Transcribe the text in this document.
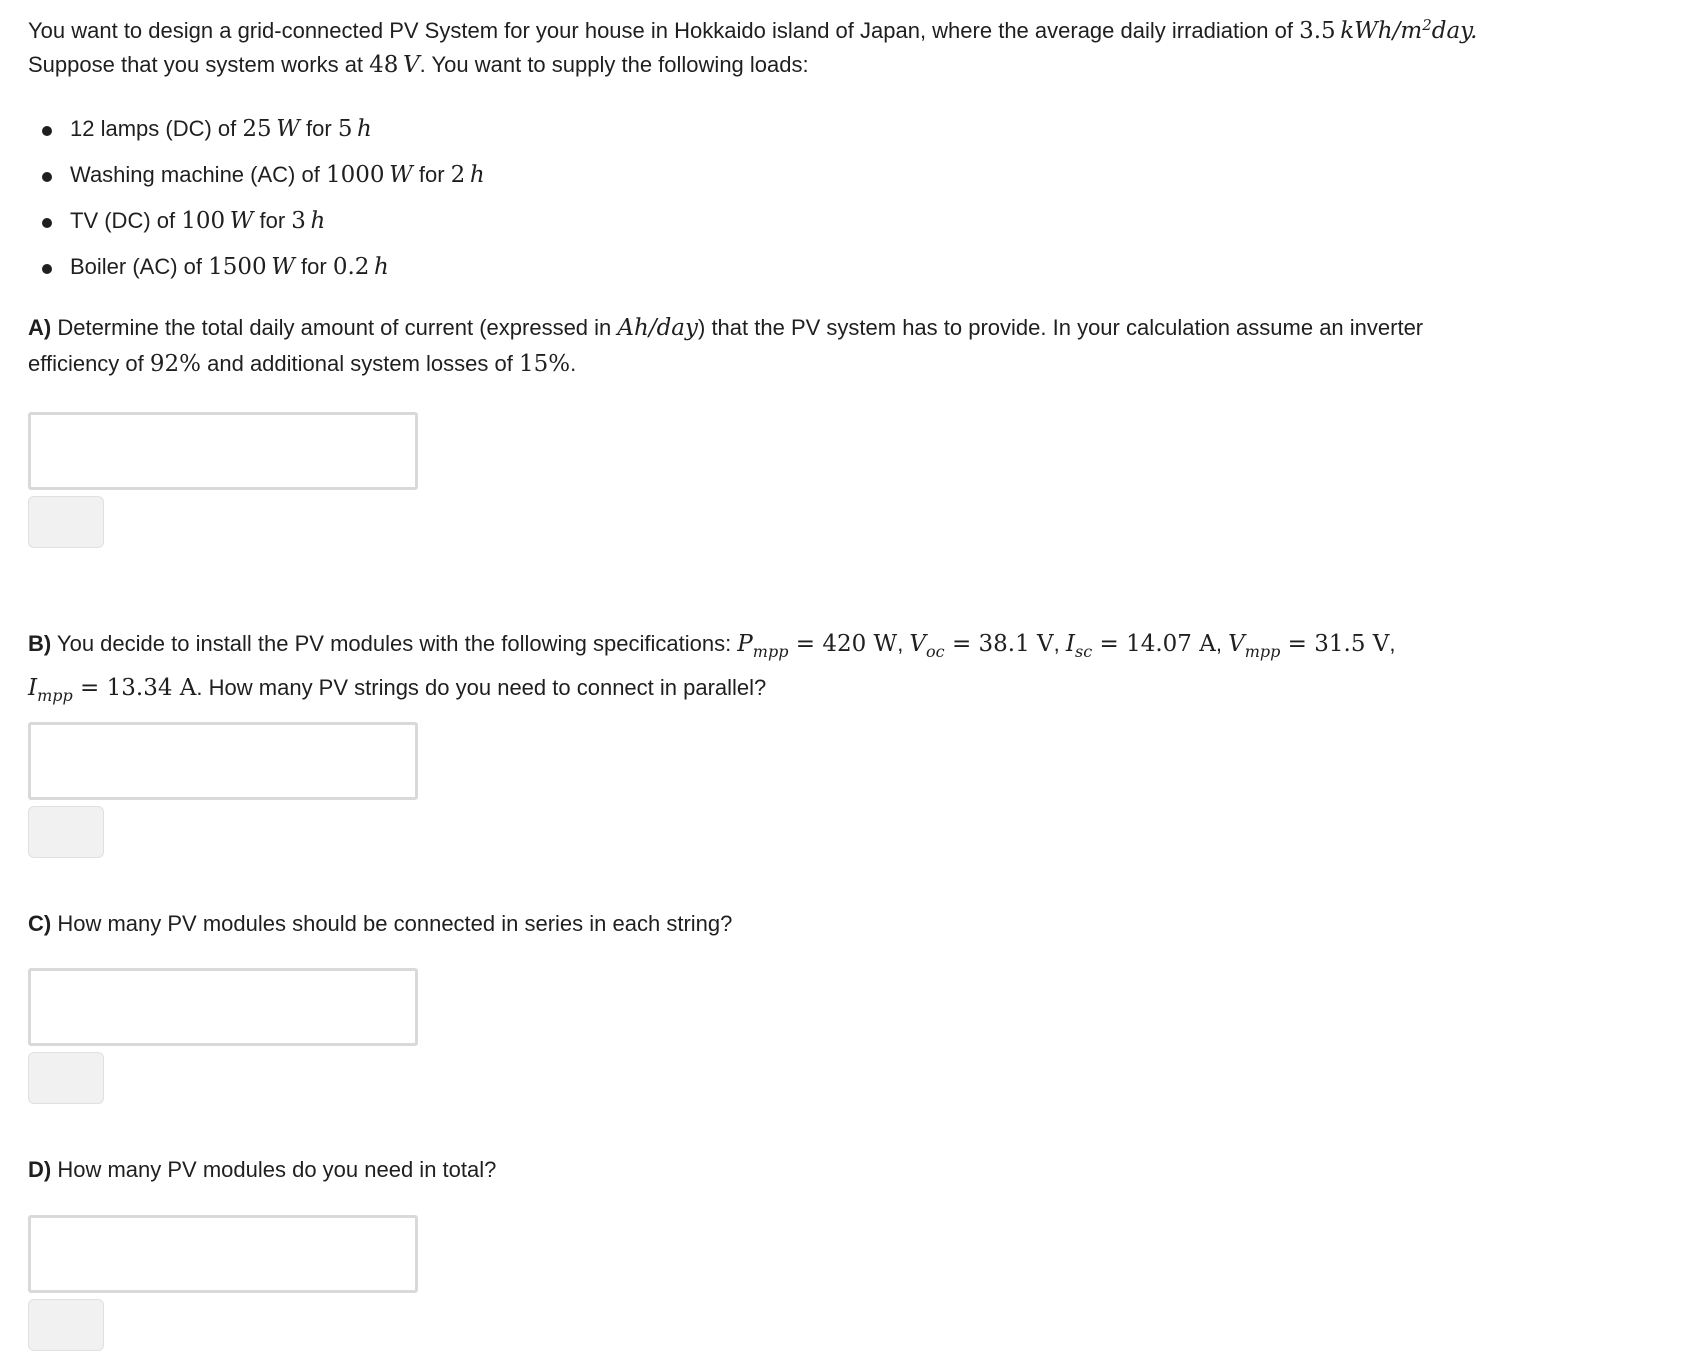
You want to design a grid-connected PV System for your house in Hokkaido island of Japan, where the average daily irradiation of 3.5  kWh/$m^2day$.
Suppose that you system works at 48  V. You want to supply the following loads:

12 lamps (DC) of 25  W for 5  h
Washing machine (AC) of 1000  W for 2  h
TV (DC) of 100  W for 3  h
Boiler (AC) of 1500  W for 0.2  h

A) Determine the total daily amount of current (expressed in Ah/day) that the PV system has to provide. In your calculation assume an inverter
efficiency of 92% and additional system losses of 15%.

B) You decide to install the PV modules with the following specifications: $P_{mpp} = 420$ W, $V_{oc} = 38.1$ V, $I_{sc} = 14.07$ A, $V_{mpp} = 31.5$ V,
$I_{mpp} = 13.34$ A. How many PV strings do you need to connect in parallel?

C) How many PV modules should be connected in series in each string?

D) How many PV modules do you need in total?
